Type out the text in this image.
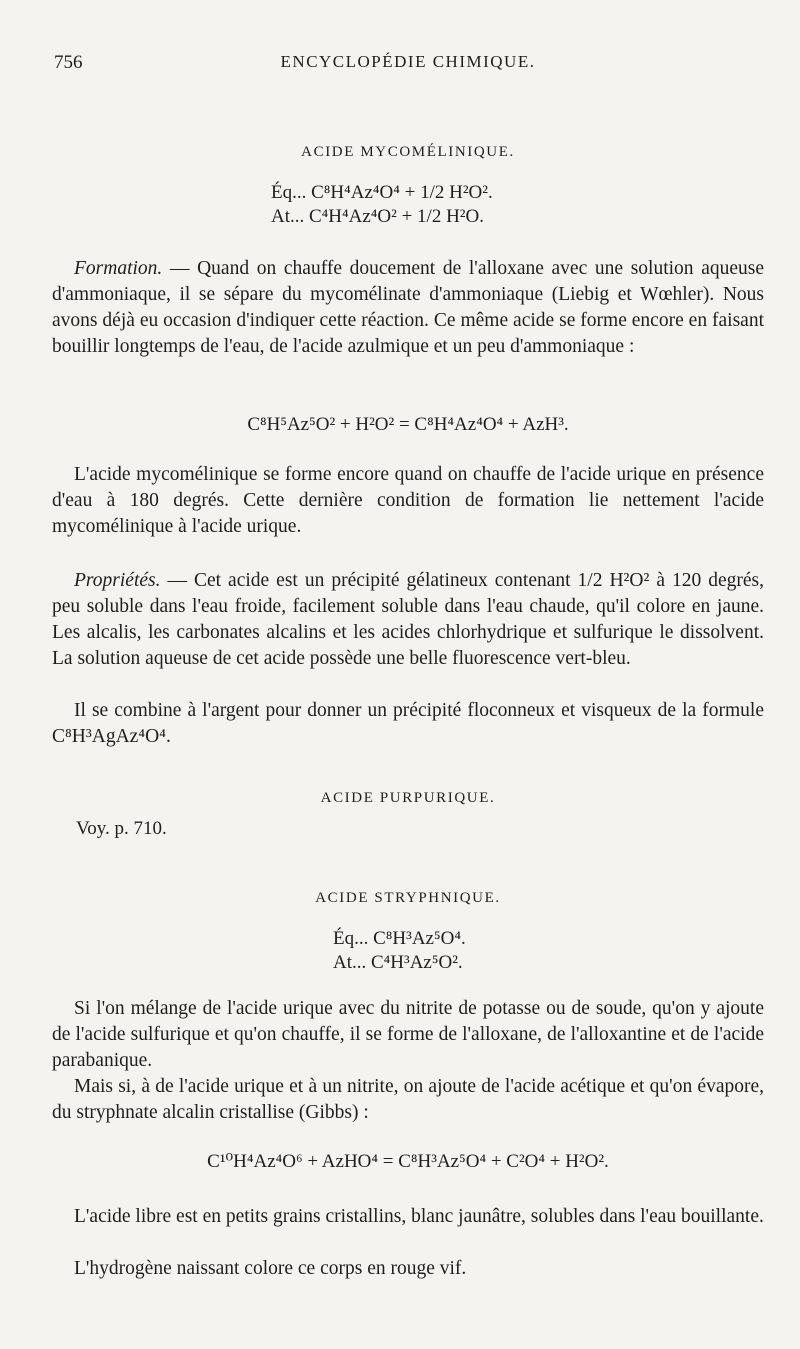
756	ENCYCLOPÉDIE CHIMIQUE.
ACIDE MYCOMÉLINIQUE.
Éq... C⁸H⁴Az⁴O⁴ + 1/2 H²O².
At... C⁴H⁴Az⁴O² + 1/2 H²O.
Formation. — Quand on chauffe doucement de l'alloxane avec une solution aqueuse d'ammoniaque, il se sépare du mycomélinate d'ammoniaque (Liebig et Wœhler). Nous avons déjà eu occasion d'indiquer cette réaction. Ce même acide se forme encore en faisant bouillir longtemps de l'eau, de l'acide azulmique et un peu d'ammoniaque :
C⁸H⁵Az⁵O² + H²O² = C⁸H⁴Az⁴O⁴ + AzH³.
L'acide mycomélinique se forme encore quand on chauffe de l'acide urique en présence d'eau à 180 degrés. Cette dernière condition de formation lie nettement l'acide mycomélinique à l'acide urique.
Propriétés. — Cet acide est un précipité gélatineux contenant 1/2 H²O² à 120 degrés, peu soluble dans l'eau froide, facilement soluble dans l'eau chaude, qu'il colore en jaune. Les alcalis, les carbonates alcalins et les acides chlorhydrique et sulfurique le dissolvent. La solution aqueuse de cet acide possède une belle fluorescence vert-bleu.
Il se combine à l'argent pour donner un précipité floconneux et visqueux de la formule C⁸H³AgAz⁴O⁴.
ACIDE PURPURIQUE.
Voy. p. 710.
ACIDE STRYPHNIQUE.
Éq... C⁸H³Az⁵O⁴.
At... C⁴H³Az⁵O².
Si l'on mélange de l'acide urique avec du nitrite de potasse ou de soude, qu'on y ajoute de l'acide sulfurique et qu'on chauffe, il se forme de l'alloxane, de l'alloxantine et de l'acide parabanique.
Mais si, à de l'acide urique et à un nitrite, on ajoute de l'acide acétique et qu'on évapore, du stryphnate alcalin cristallise (Gibbs) :
C¹⁰H⁴Az⁴O⁶ + AzHO⁴ = C⁸H³Az⁵O⁴ + C²O⁴ + H²O².
L'acide libre est en petits grains cristallins, blanc jaunâtre, solubles dans l'eau bouillante.
L'hydrogène naissant colore ce corps en rouge vif.
